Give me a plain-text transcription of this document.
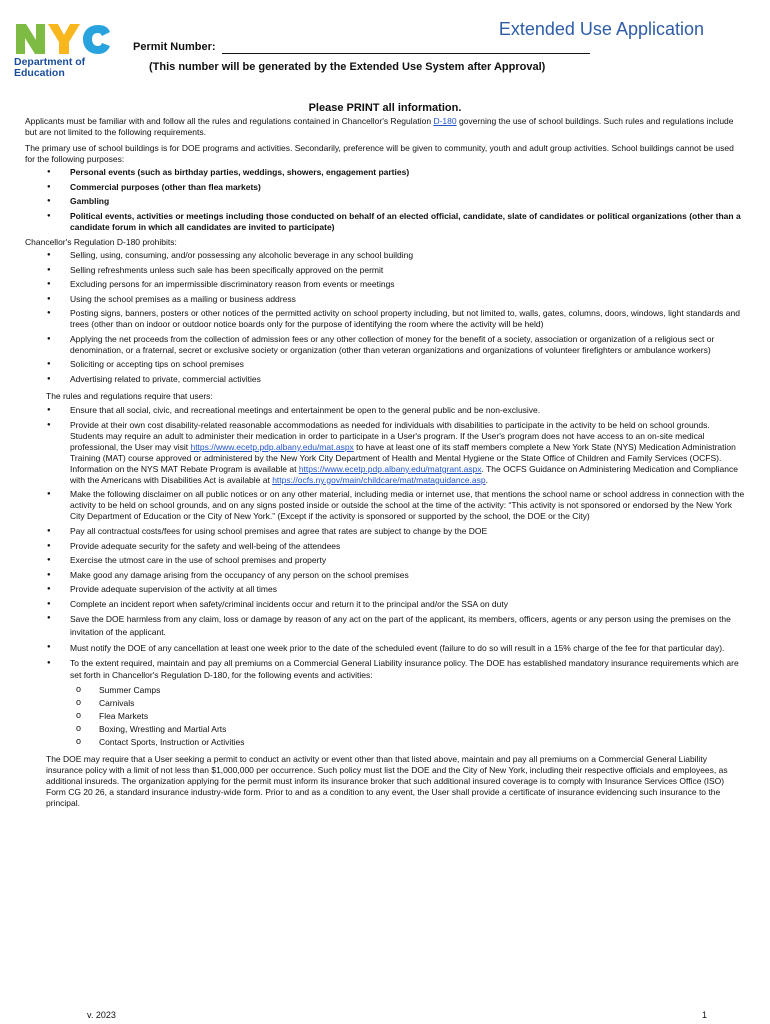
Department of
Education
Extended Use Application
Permit Number:
(This number will be generated by the Extended Use System after Approval)
Please PRINT all information.

Applicants must be familiar with and follow all the rules and regulations contained in Chancellor's Regulation D-180 governing the use of school buildings. Such rules and regulations include but are not limited to the following requirements.

The primary use of school buildings is for DOE programs and activities. Secondarily, preference will be given to community, youth and adult group activities. School buildings cannot be used for the following purposes:

● Personal events (such as birthday parties, weddings, showers, engagement parties)
● Commercial purposes (other than flea markets)
● Gambling
● Political events, activities or meetings including those conducted on behalf of an elected official, candidate, slate of candidates or political organizations (other than a candidate forum in which all candidates are invited to participate)

Chancellor's Regulation D-180 prohibits:

● Selling, using, consuming, and/or possessing any alcoholic beverage in any school building
● Selling refreshments unless such sale has been specifically approved on the permit
● Excluding persons for an impermissible discriminatory reason from events or meetings
● Using the school premises as a mailing or business address
● Posting signs, banners, posters or other notices of the permitted activity on school property including, but not limited to, walls, gates, columns, doors, windows, light standards and trees (other than on indoor or outdoor notice boards only for the purpose of identifying the room where the activity will be held)
● Applying the net proceeds from the collection of admission fees or any other collection of money for the benefit of a society, association or organization of a religious sect or denomination, or a fraternal, secret or exclusive society or organization (other than veteran organizations and organizations of volunteer firefighters or ambulance workers)
● Soliciting or accepting tips on school premises
● Advertising related to private, commercial activities

The rules and regulations require that users:

● Ensure that all social, civic, and recreational meetings and entertainment be open to the general public and be non-exclusive.
● Provide at their own cost disability-related reasonable accommodations as needed for individuals with disabilities to participate in the activity to be held on school grounds. Students may require an adult to administer their medication in order to participate in a User's program. If the User's program does not have access to an on-site medical professional, the User may visit https://www.ecetp.pdp.albany.edu/mat.aspx to have at least one of its staff members complete a New York State (NYS) Medication Administration Training (MAT) course approved or administered by the New York City Department of Health and Mental Hygiene or the State Office of Children and Family Services (OCFS). Information on the NYS MAT Rebate Program is available at https://www.ecetp.pdp.albany.edu/matgrant.aspx. The OCFS Guidance on Administering Medication and Compliance with the Americans with Disabilities Act is available at https://ocfs.ny.gov/main/childcare/mat/mataguidance.asp.
● Make the following disclaimer on all public notices or on any other material, including media or internet use, that mentions the school name or school address in connection with the activity to be held on school grounds, and on any signs posted inside or outside the school at the time of the activity: “This activity is not sponsored or endorsed by the New York City Department of Education or the City of New York.” (Except if the activity is sponsored or supported by the school, the DOE or the City)
● Pay all contractual costs/fees for using school premises and agree that rates are subject to change by the DOE
● Provide adequate security for the safety and well-being of the attendees
● Exercise the utmost care in the use of school premises and property
● Make good any damage arising from the occupancy of any person on the school premises
● Provide adequate supervision of the activity at all times
● Complete an incident report when safety/criminal incidents occur and return it to the principal and/or the SSA on duty
● Save the DOE harmless from any claim, loss or damage by reason of any act on the part of the applicant, its members, officers, agents or any person using the premises on the invitation of the applicant.
● Must notify the DOE of any cancellation at least one week prior to the date of the scheduled event (failure to do so will result in a 15% charge of the fee for that particular day).
● To the extent required, maintain and pay all premiums on a Commercial General Liability insurance policy. The DOE has established mandatory insurance requirements which are set forth in Chancellor's Regulation D-180, for the following events and activities:
o Summer Camps
o Carnivals
o Flea Markets
o Boxing, Wrestling and Martial Arts
o Contact Sports, Instruction or Activities

The DOE may require that a User seeking a permit to conduct an activity or event other than that listed above, maintain and pay all premiums on a Commercial General Liability insurance policy with a limit of not less than $1,000,000 per occurrence. Such policy must list the DOE and the City of New York, including their respective officials and employees, as additional insureds. The organization applying for the permit must inform its insurance broker that such additional insured coverage is to comply with Insurance Services Office (ISO) Form CG 20 26, a standard insurance industry-wide form. Prior to and as a condition to any event, the User shall provide a certificate of insurance evidencing such insurance to the principal.

v. 2023	1
